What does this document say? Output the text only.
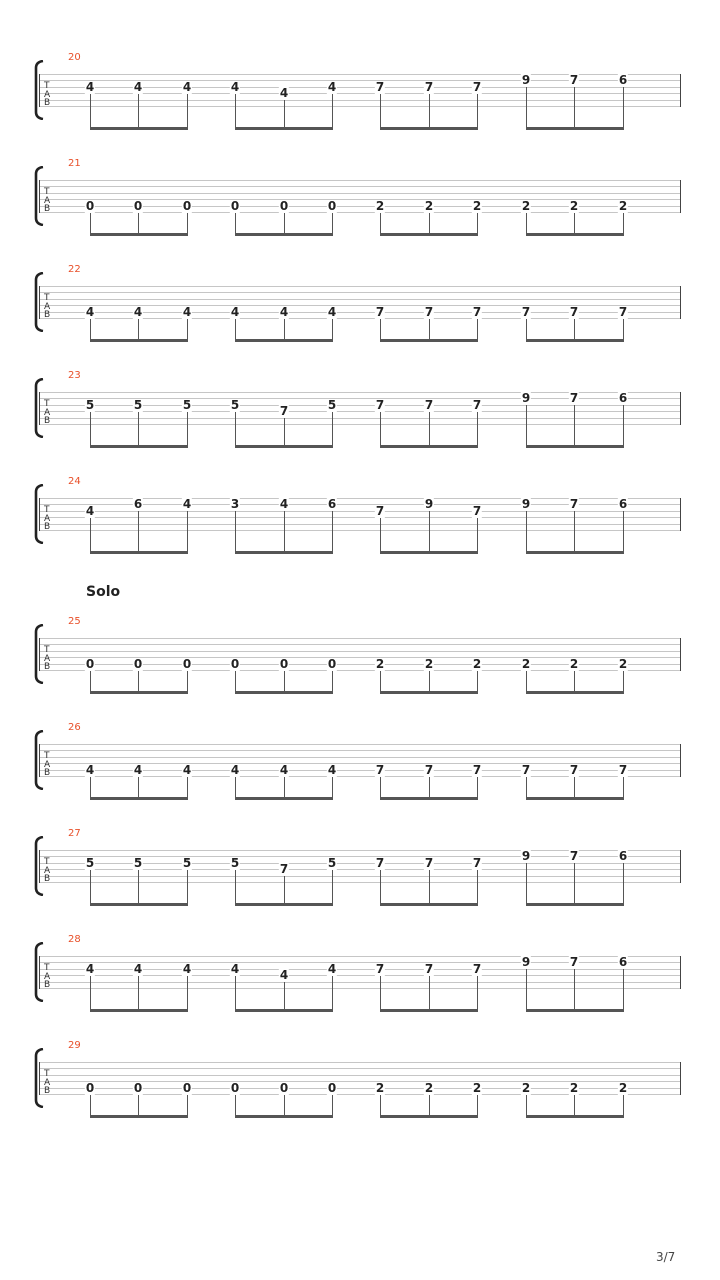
20
T
A
B
4	4	4	4	4	4	7	7	7	9	7	6
21
T
A
B	0	0	0	0	0	0	2	2	2	2	2	2
22
T
A
B	4	4	4	4	4	4	7	7	7	7	7	7
23
T
A
B
5	5	5	5	7	5	7	7	7	9	7	6
24
T
A
B
4	6	4	3	4	6	7	9	7	9	7	6
25
T
A
B	0	0	0	0	0	0	2	2	2	2	2	2
26
T
A
B	4	4	4	4	4	4	7	7	7	7	7	7
27
T
A
B
5	5	5	5	7	5	7	7	7	9	7	6
28
T
A
B
4	4	4	4	4	4	7	7	7	9	7	6
29
T
A
B	0	0	0	0	0	0	2	2	2	2	2	2
Solo
3/7
